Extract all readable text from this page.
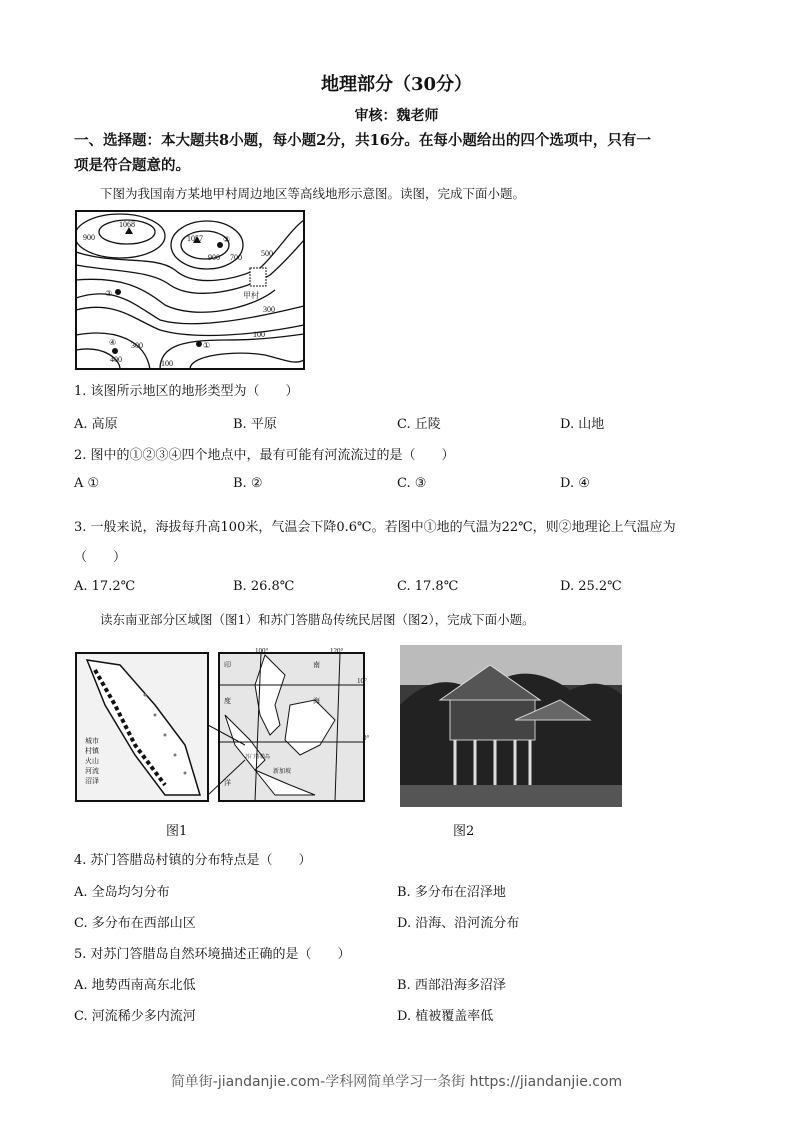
地理部分（30分）
审核：魏老师
一、选择题：本大题共8小题，每小题2分，共16分。在每小题给出的四个选项中，只有一
项是符合题意的。
下图为我国南方某地甲村周边地区等高线地形示意图。读图，完成下面小题。
1068
1057
900
900 700 500
300
300
400
100
100
甲村
①
②
③
④
1. 该图所示地区的地形类型为（　　）
A. 高原	B. 平原	C. 丘陵	D. 山地
2. 图中的①②③④四个地点中，最有可能有河流流过的是（　　）
A ①	B. ②	C. ③	D. ④
3. 一般来说，海拔每升高100米，气温会下降0.6℃。若图中①地的气温为22℃，则②地理论上气温应为
（　　）
A. 17.2℃	B. 26.8℃	C. 17.8℃	D. 25.2℃
读东南亚部分区域图（图1）和苏门答腊岛传统民居图（图2），完成下面小题。
城市
村镇
火山
河流
沼泽
100°	120°
10°
0°
印
度
洋
南
海
苏门答腊岛
新加坡
图1	图2
4. 苏门答腊岛村镇的分布特点是（　　）
A. 全岛均匀分布	B. 多分布在沼泽地
C. 多分布在西部山区	D. 沿海、沿河流分布
5. 对苏门答腊岛自然环境描述正确的是（　　）
A. 地势西南高东北低	B. 西部沿海多沼泽
C. 河流稀少多内流河	D. 植被覆盖率低
简单街-jiandanjie.com-学科网简单学习一条街 https://jiandanjie.com
